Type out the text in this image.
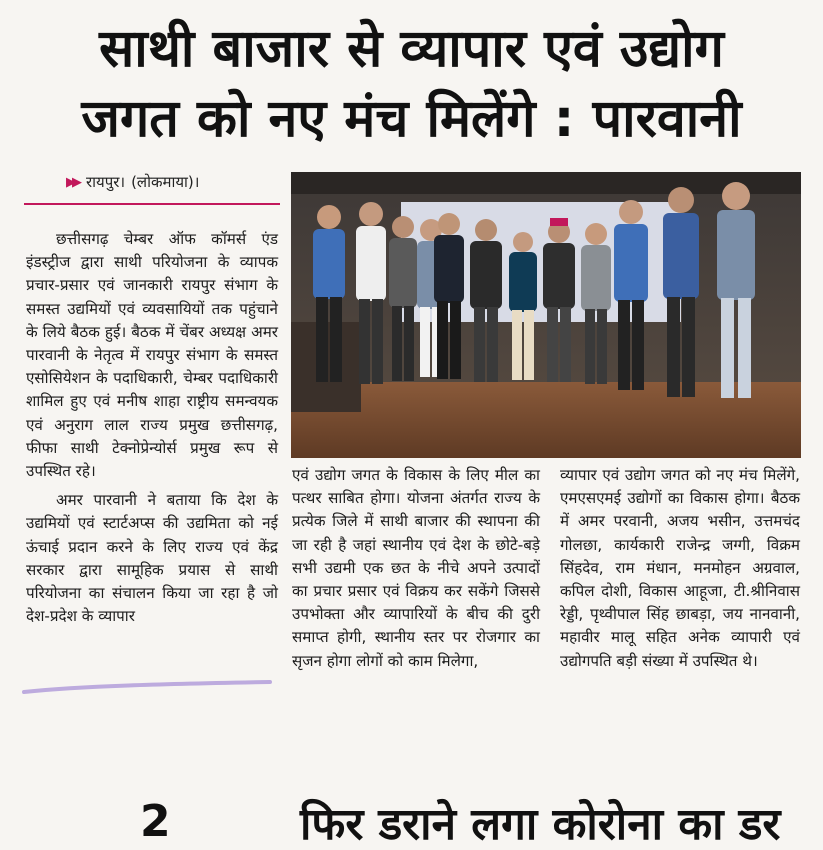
साथी बाजार से व्यापार एवं उद्योग
जगत को नए मंच मिलेंगे : पारवानी
▶▶ रायपुर। (लोकमाया)।

छत्तीसगढ़ चेम्बर ऑफ कॉमर्स एंड इंडस्ट्रीज द्वारा साथी परियोजना के व्यापक प्रचार-प्रसार एवं जानकारी रायपुर संभाग के समस्त उद्यमियों एवं व्यवसायियों तक पहुंचाने के लिये बैठक हुई। बैठक में चेंबर अध्यक्ष अमर पारवानी के नेतृत्व में रायपुर संभाग के समस्त एसोसियेशन के पदाधिकारी, चेम्बर पदाधिकारी शामिल हुए एवं मनीष शाहा राष्ट्रीय समन्वयक एवं अनुराग लाल राज्य प्रमुख छत्तीसगढ़, फीफा साथी टेक्नोप्रेन्योर्स प्रमुख रूप से उपस्थित रहे।

अमर पारवानी ने बताया कि देश के उद्यमियों एवं स्टार्टअप्स की उद्यमिता को नई ऊंचाई प्रदान करने के लिए राज्य एवं केंद्र सरकार द्वारा सामूहिक प्रयास से साथी परियोजना का संचालन किया जा रहा है जो देश-प्रदेश के व्यापार

एवं उद्योग जगत के विकास के लिए मील का पत्थर साबित होगा। योजना अंतर्गत राज्य के प्रत्येक जिले में साथी बाजार की स्थापना की जा रही है जहां स्थानीय एवं देश के छोटे-बड़े सभी उद्यमी एक छत के नीचे अपने उत्पादों का प्रचार प्रसार एवं विक्रय कर सकेंगे जिससे उपभोक्ता और व्यापारियों के बीच की दुरी समाप्त होगी, स्थानीय स्तर पर रोजगार का सृजन होगा लोगों को काम मिलेगा,

व्यापार एवं उद्योग जगत को नए मंच मिलेंगे, एमएसएमई उद्योगों का विकास होगा। बैठक में अमर परवानी, अजय भसीन, उत्तमचंद गोलछा, कार्यकारी राजेन्द्र जग्गी, विक्रम सिंहदेव, राम मंधान, मनमोहन अग्रवाल, कपिल दोशी, विकास आहूजा, टी.श्रीनिवास रेड्डी, पृथ्वीपाल सिंह छाबड़ा, जय नानवानी, महावीर मालू सहित अनेक व्यापारी एवं उद्योगपति बड़ी संख्या में उपस्थित थे।

2	फिर डराने लगा कोरोना का डर
